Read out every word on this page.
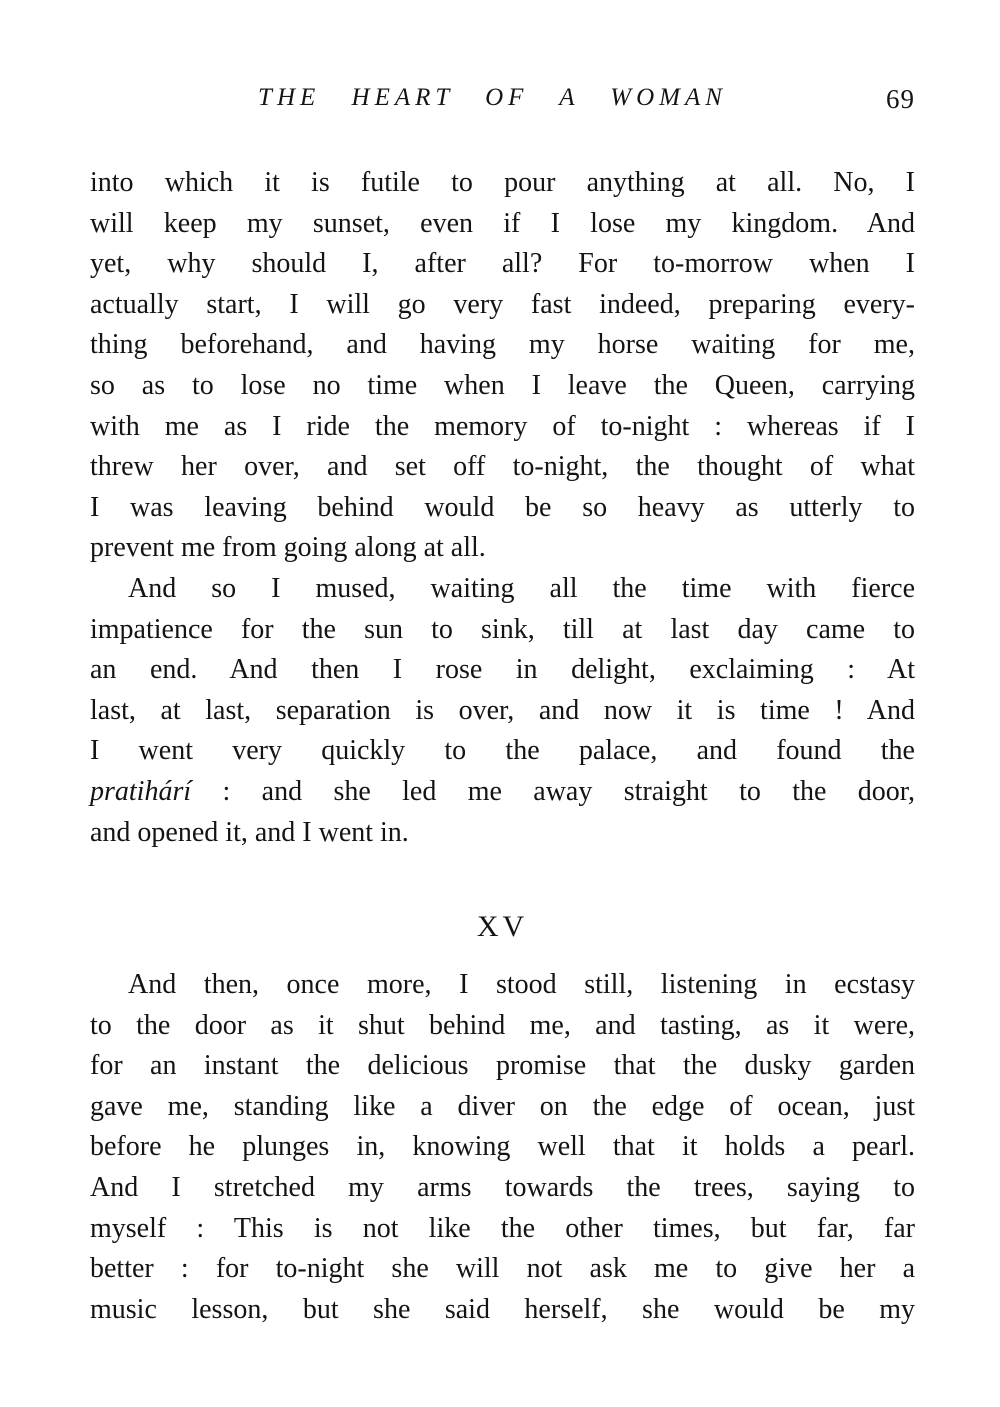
THE HEART OF A WOMAN	69
into which it is futile to pour anything at all. No, I
will keep my sunset, even if I lose my kingdom. And
yet, why should I, after all? For to-morrow when I
actually start, I will go very fast indeed, preparing every-
thing beforehand, and having my horse waiting for me,
so as to lose no time when I leave the Queen, carrying
with me as I ride the memory of to-night : whereas if I
threw her over, and set off to-night, the thought of what
I was leaving behind would be so heavy as utterly to
prevent me from going along at all.
And so I mused, waiting all the time with fierce
impatience for the sun to sink, till at last day came to
an end. And then I rose in delight, exclaiming : At
last, at last, separation is over, and now it is time ! And
I went very quickly to the palace, and found the
pratihárí : and she led me away straight to the door,
and opened it, and I went in.
XV
And then, once more, I stood still, listening in ecstasy
to the door as it shut behind me, and tasting, as it were,
for an instant the delicious promise that the dusky garden
gave me, standing like a diver on the edge of ocean, just
before he plunges in, knowing well that it holds a pearl.
And I stretched my arms towards the trees, saying to
myself : This is not like the other times, but far, far
better : for to-night she will not ask me to give her a
music lesson, but she said herself, she would be my
